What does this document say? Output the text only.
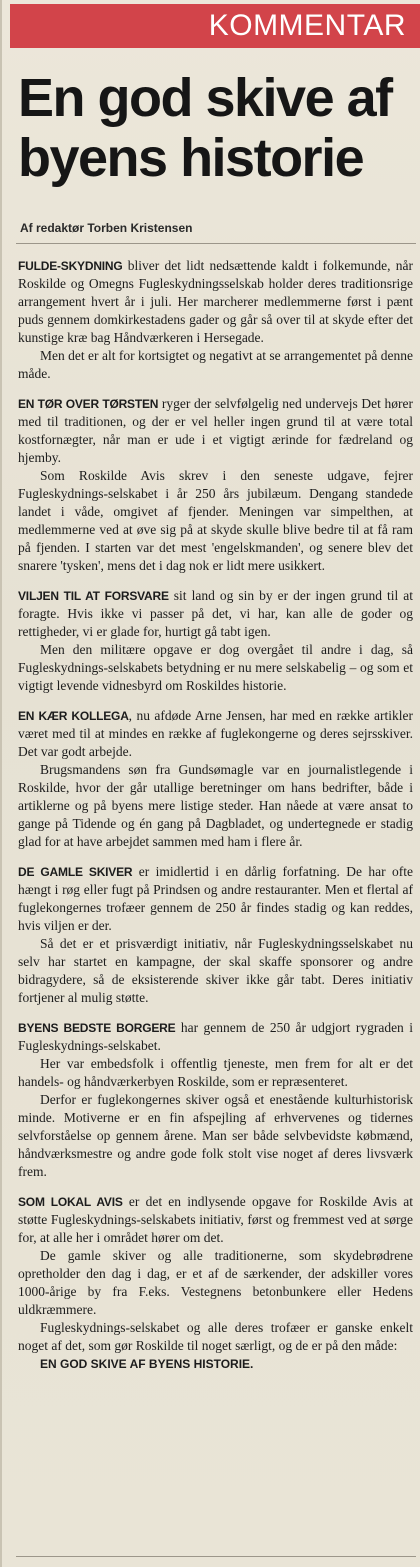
KOMMENTAR
En god skive af
byens historie
Af redaktør Torben Kristensen

FULDE-SKYDNING bliver det lidt nedsættende kaldt i folkemunde, når Roskilde og Omegns Fugleskydningsselskab holder deres traditionsrige arrangement hvert år i juli. Her marcherer medlemmerne først i pænt puds gennem domkirkestadens gader og går så over til at skyde efter det kunstige kræ bag Håndværkeren i Hersegade.

Men det er alt for kortsigtet og negativt at se arrangementet på denne måde.

EN TØR OVER TØRSTEN ryger der selvfølgelig ned undervejs Det hører med til traditionen, og der er vel heller ingen grund til at være total kostfornægter, når man er ude i et vigtigt ærinde for fædreland og hjemby.

Som Roskilde Avis skrev i den seneste udgave, fejrer Fugleskydnings-selskabet i år 250 års jubilæum. Dengang standede landet i våde, omgivet af fjender. Meningen var simpelthen, at medlemmerne ved at øve sig på at skyde skulle blive bedre til at få ram på fjenden. I starten var det mest 'engelskmanden', og senere blev det snarere 'tysken', mens det i dag nok er lidt mere usikkert.

VILJEN TIL AT FORSVARE sit land og sin by er der ingen grund til at foragte. Hvis ikke vi passer på det, vi har, kan alle de goder og rettigheder, vi er glade for, hurtigt gå tabt igen.

Men den militære opgave er dog overgået til andre i dag, så Fugleskydnings-selskabets betydning er nu mere selskabelig – og som et vigtigt levende vidnesbyrd om Roskildes historie.

EN KÆR KOLLEGA, nu afdøde Arne Jensen, har med en række artikler været med til at mindes en række af fuglekongerne og deres sejrsskiver. Det var godt arbejde.

Brugsmandens søn fra Gundsømagle var en journalistlegende i Roskilde, hvor der går utallige beretninger om hans bedrifter, både i artiklerne og på byens mere listige steder. Han nåede at være ansat to gange på Tidende og én gang på Dagbladet, og undertegnede er stadig glad for at have arbejdet sammen med ham i flere år.

DE GAMLE SKIVER er imidlertid i en dårlig forfatning. De har ofte hængt i røg eller fugt på Prindsen og andre restauranter. Men et flertal af fuglekongernes trofæer gennem de 250 år findes stadig og kan reddes, hvis viljen er der.

Så det er et prisværdigt initiativ, når Fugleskydningsselskabet nu selv har startet en kampagne, der skal skaffe sponsorer og andre bidragydere, så de eksisterende skiver ikke går tabt. Deres initiativ fortjener al mulig støtte.

BYENS BEDSTE BORGERE har gennem de 250 år udgjort rygraden i Fugleskydnings-selskabet.

Her var embedsfolk i offentlig tjeneste, men frem for alt er det handels- og håndværkerbyen Roskilde, som er repræsenteret.

Derfor er fuglekongernes skiver også et enestående kulturhistorisk minde. Motiverne er en fin afspejling af erhvervenes og tidernes selvforståelse op gennem årene. Man ser både selvbevidste købmænd, håndværksmestre og andre gode folk stolt vise noget af deres livsværk frem.

SOM LOKAL AVIS er det en indlysende opgave for Roskilde Avis at støtte Fugleskydnings-selskabets initiativ, først og fremmest ved at sørge for, at alle her i området hører om det.

De gamle skiver og alle traditionerne, som skydebrødrene opretholder den dag i dag, er et af de særkender, der adskiller vores 1000-årige by fra F.eks. Vestegnens betonbunkere eller Hedens uldkræmmere.

Fugleskydnings-selskabet og alle deres trofæer er ganske enkelt noget af det, som gør Roskilde til noget særligt, og de er på den måde:

EN GOD SKIVE AF BYENS HISTORIE.
